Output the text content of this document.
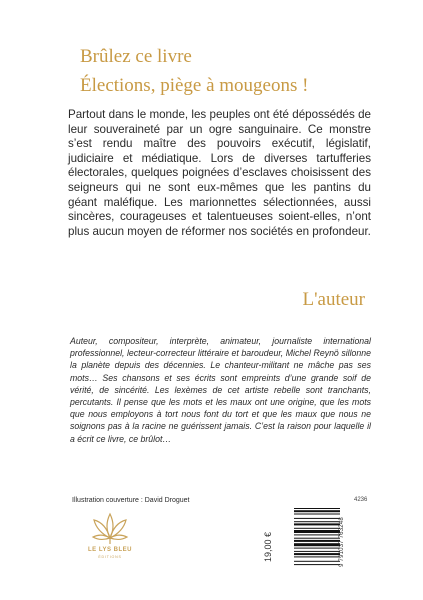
Brûlez ce livre
Élections, piège à mougeons !
Partout dans le monde, les peuples ont été dépossédés de leur souveraineté par un ogre sanguinaire. Ce monstre s’est rendu maître des pouvoirs exécutif, législatif, judiciaire et médiatique. Lors de diverses tartufferies électorales, quelques poignées d’esclaves choisissent des seigneurs qui ne sont eux-mêmes que les pantins du géant maléfique. Les marionnettes sélectionnées, aussi sincères, courageuses et talentueuses soient-elles, n’ont plus aucun moyen de réformer nos sociétés en profondeur.
L'auteur
Auteur, compositeur, interprète, animateur, journaliste international professionnel, lecteur-correcteur littéraire et baroudeur, Michel Reynö sillonne la planète depuis des décennies. Le chanteur-militant ne mâche pas ses mots… Ses chansons et ses écrits sont empreints d’une grande soif de vérité, de sincérité. Les lexèmes de cet artiste rebelle sont tranchants, percutants. Il pense que les mots et les maux ont une origine, que les mots que nous employons à tort nous font du tort et que les maux que nous ne soignons pas à la racine ne guérissent jamais. C’est la raison pour laquelle il a écrit ce livre, ce brûlot…
Illustration couverture : David Droguet	4236
LE LYS BLEU
ÉDITIONS	19,00 €	9 791037 763248
